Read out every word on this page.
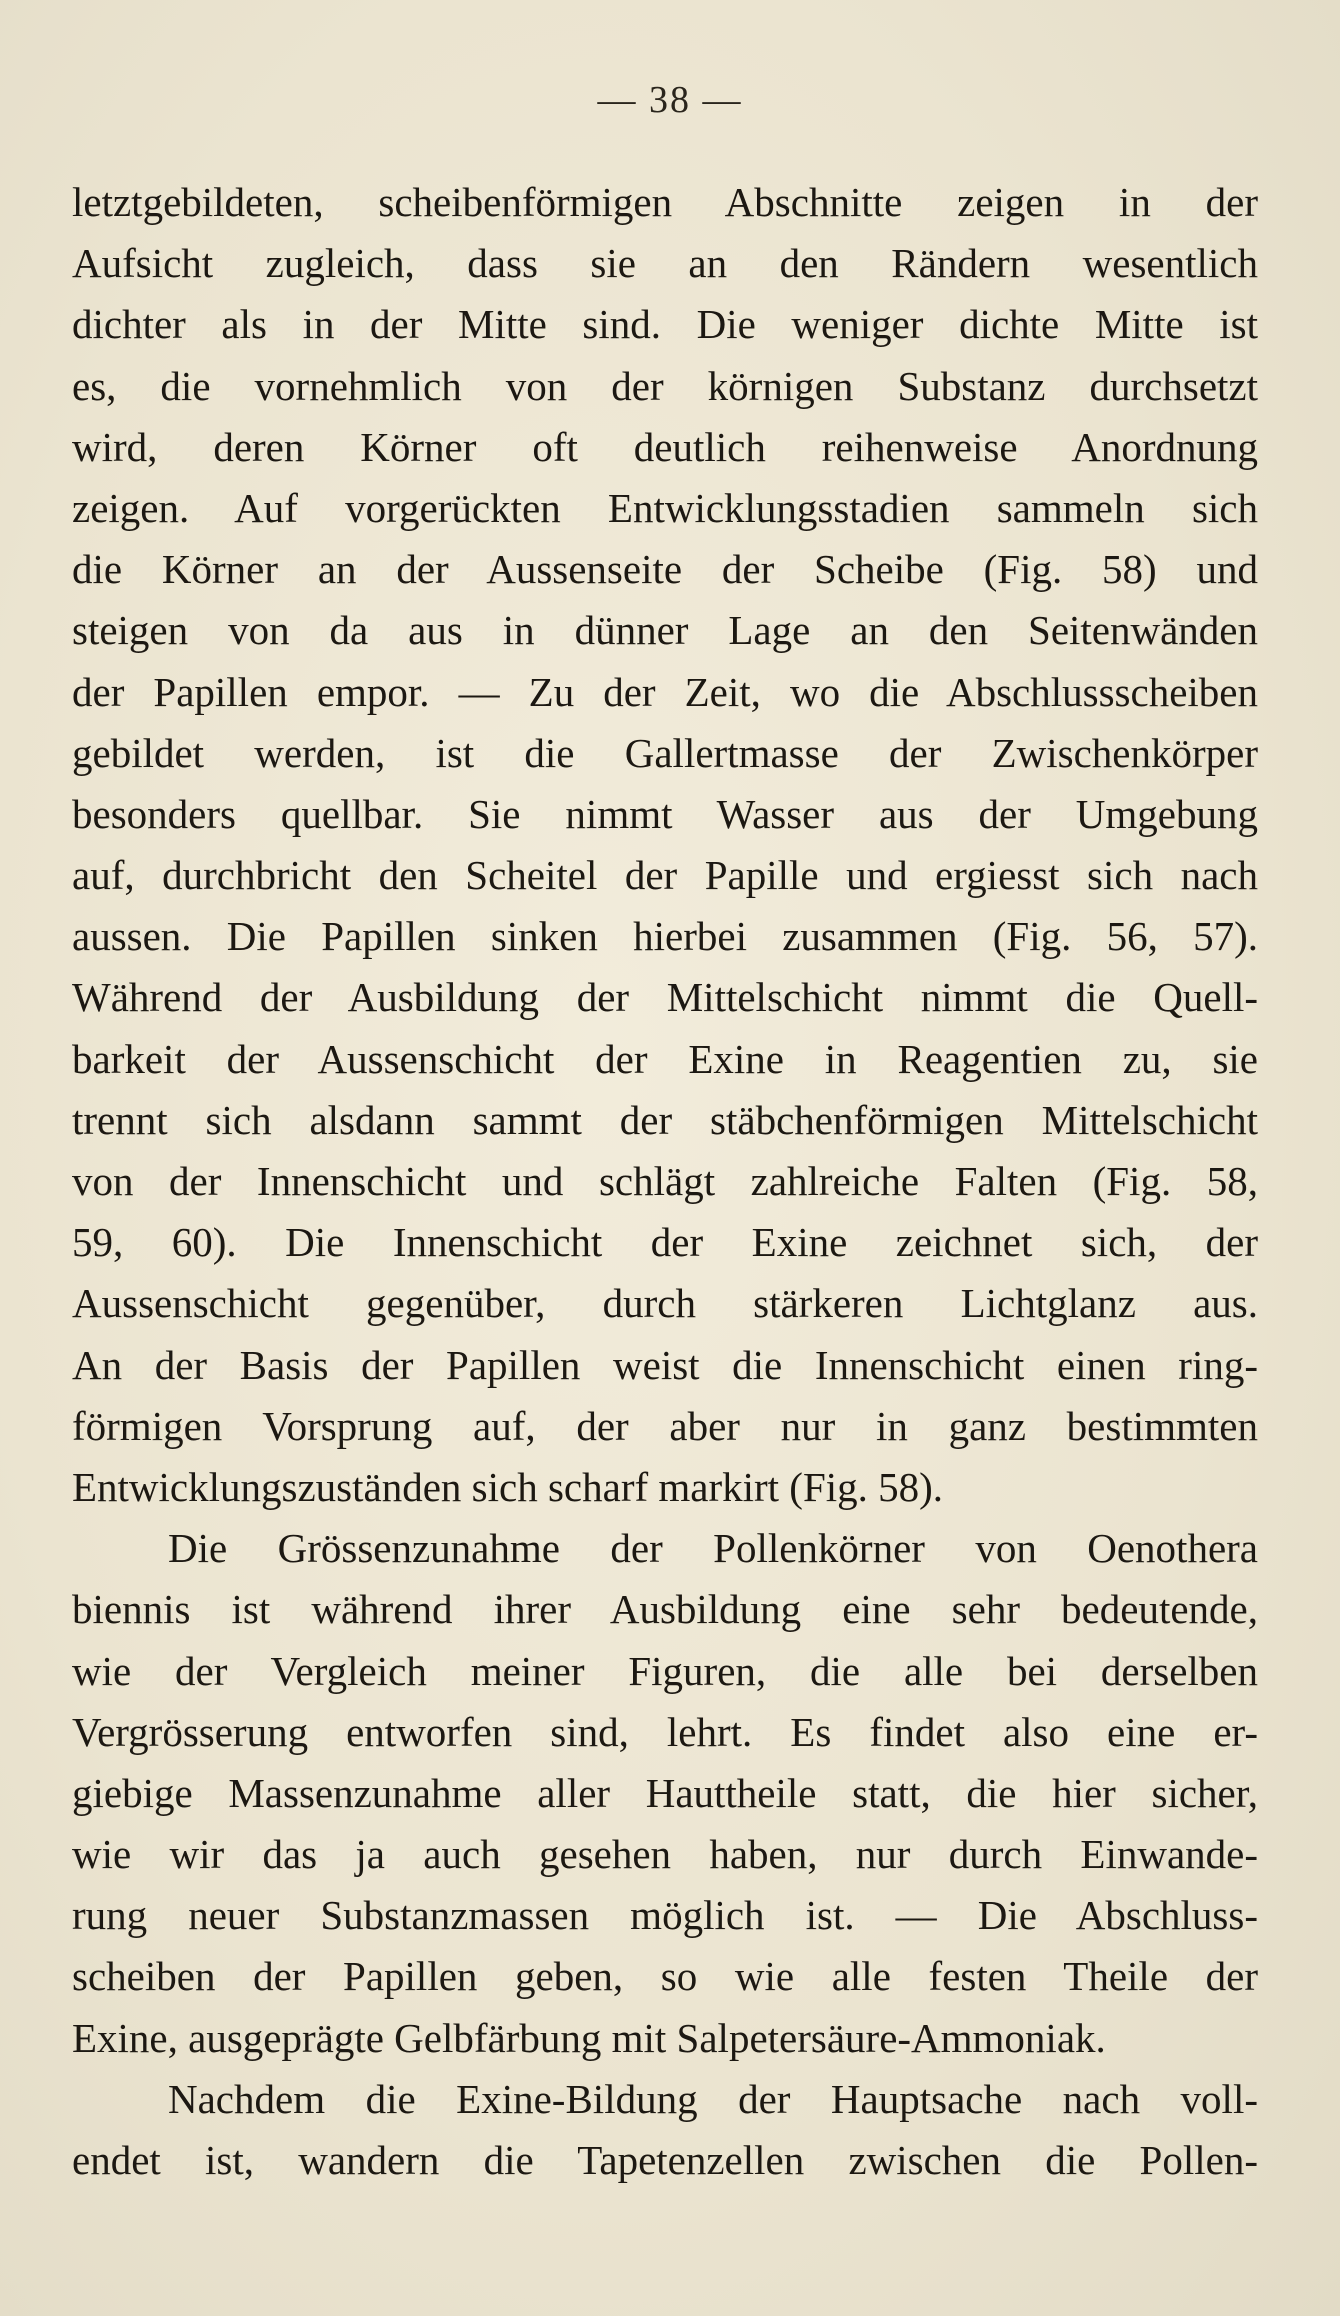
— 38 —
letztgebildeten, scheibenförmigen Abschnitte zeigen in der
Aufsicht zugleich, dass sie an den Rändern wesentlich
dichter als in der Mitte sind. Die weniger dichte Mitte ist
es, die vornehmlich von der körnigen Substanz durchsetzt
wird, deren Körner oft deutlich reihenweise Anordnung
zeigen. Auf vorgerückten Entwicklungsstadien sammeln sich
die Körner an der Aussenseite der Scheibe (Fig. 58) und
steigen von da aus in dünner Lage an den Seitenwänden
der Papillen empor. — Zu der Zeit, wo die Abschlussscheiben
gebildet werden, ist die Gallertmasse der Zwischenkörper
besonders quellbar. Sie nimmt Wasser aus der Umgebung
auf, durchbricht den Scheitel der Papille und ergiesst sich nach
aussen. Die Papillen sinken hierbei zusammen (Fig. 56, 57).
Während der Ausbildung der Mittelschicht nimmt die Quell-
barkeit der Aussenschicht der Exine in Reagentien zu, sie
trennt sich alsdann sammt der stäbchenförmigen Mittelschicht
von der Innenschicht und schlägt zahlreiche Falten (Fig. 58,
59, 60). Die Innenschicht der Exine zeichnet sich, der
Aussenschicht gegenüber, durch stärkeren Lichtglanz aus.
An der Basis der Papillen weist die Innenschicht einen ring-
förmigen Vorsprung auf, der aber nur in ganz bestimmten
Entwicklungszuständen sich scharf markirt (Fig. 58).
Die Grössenzunahme der Pollenkörner von Oenothera
biennis ist während ihrer Ausbildung eine sehr bedeutende,
wie der Vergleich meiner Figuren, die alle bei derselben
Vergrösserung entworfen sind, lehrt. Es findet also eine er-
giebige Massenzunahme aller Hauttheile statt, die hier sicher,
wie wir das ja auch gesehen haben, nur durch Einwande-
rung neuer Substanzmassen möglich ist. — Die Abschluss-
scheiben der Papillen geben, so wie alle festen Theile der
Exine, ausgeprägte Gelbfärbung mit Salpetersäure-Ammoniak.
Nachdem die Exine-Bildung der Hauptsache nach voll-
endet ist, wandern die Tapetenzellen zwischen die Pollen-
